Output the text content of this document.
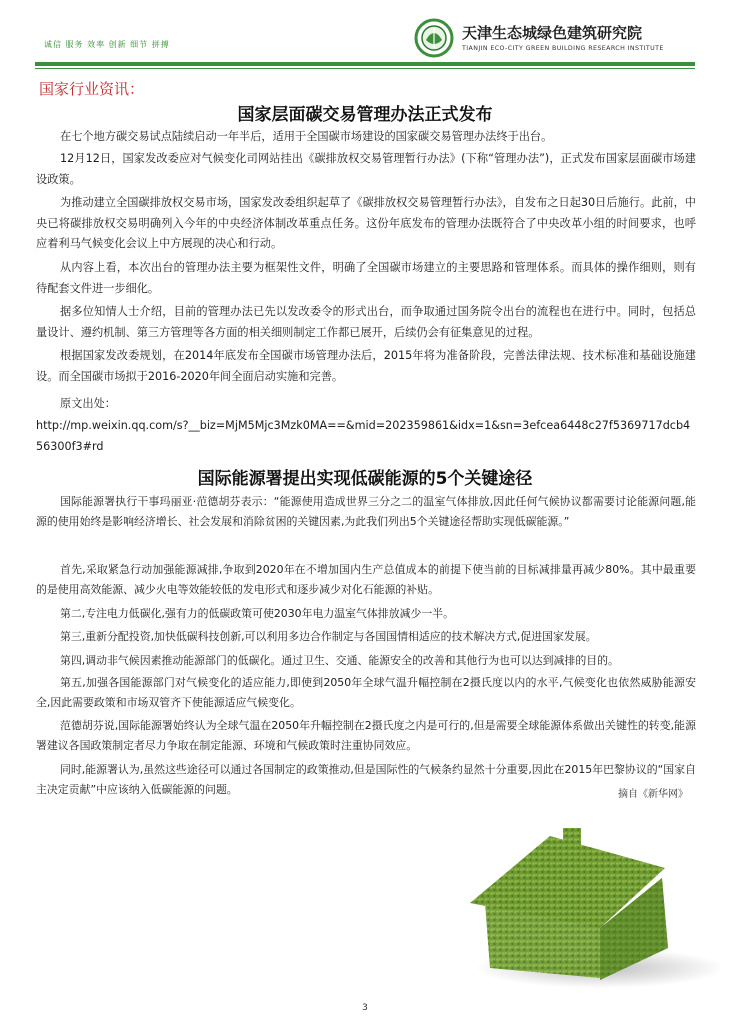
诚信 服务 效率 创新 细节 拼搏
天津生态城绿色建筑研究院
TIANJIN ECO-CITY GREEN BUILDING RESEARCH INSTITUTE
国家行业资讯：
国家层面碳交易管理办法正式发布

在七个地方碳交易试点陆续启动一年半后，适用于全国碳市场建设的国家碳交易管理办法终于出台。

12月12日，国家发改委应对气候变化司网站挂出《碳排放权交易管理暂行办法》(下称“管理办法”)，正式发布国家层面碳市场建设政策。

为推动建立全国碳排放权交易市场，国家发改委组织起草了《碳排放权交易管理暂行办法》，自发布之日起30日后施行。此前，中央已将碳排放权交易明确列入今年的中央经济体制改革重点任务。这份年底发布的管理办法既符合了中央改革小组的时间要求，也呼应着利马气候变化会议上中方展现的决心和行动。

从内容上看，本次出台的管理办法主要为框架性文件，明确了全国碳市场建立的主要思路和管理体系。而具体的操作细则，则有待配套文件进一步细化。

据多位知情人士介绍，目前的管理办法已先以发改委令的形式出台，而争取通过国务院令出台的流程也在进行中。同时，包括总量设计、遵约机制、第三方管理等各方面的相关细则制定工作都已展开，后续仍会有征集意见的过程。

根据国家发改委规划，在2014年底发布全国碳市场管理办法后，2015年将为准备阶段，完善法律法规、技术标准和基础设施建设。而全国碳市场拟于2016-2020年间全面启动实施和完善。

原文出处：

http://mp.weixin.qq.com/s?__biz=MjM5Mjc3Mzk0MA==&mid=202359861&idx=1&sn=3efcea6448c27f5369717dcb456300f3#rd

国际能源署提出实现低碳能源的5个关键途径

国际能源署执行干事玛丽亚·范德胡芬表示：“能源使用造成世界三分之二的温室气体排放,因此任何气候协议都需要讨论能源问题,能源的使用始终是影响经济增长、社会发展和消除贫困的关键因素,为此我们列出5个关键途径帮助实现低碳能源。”

首先,采取紧急行动加强能源减排,争取到2020年在不增加国内生产总值成本的前提下使当前的目标减排量再减少80%。其中最重要的是使用高效能源、减少火电等效能较低的发电形式和逐步减少对化石能源的补贴。

第二,专注电力低碳化,强有力的低碳政策可使2030年电力温室气体排放减少一半。

第三,重新分配投资,加快低碳科技创新,可以利用多边合作制定与各国国情相适应的技术解决方式,促进国家发展。

第四,调动非气候因素推动能源部门的低碳化。通过卫生、交通、能源安全的改善和其他行为也可以达到减排的目的。

第五,加强各国能源部门对气候变化的适应能力,即使到2050年全球气温升幅控制在2摄氏度以内的水平,气候变化也依然威胁能源安全,因此需要政策和市场双管齐下使能源适应气候变化。

范德胡芬说,国际能源署始终认为全球气温在2050年升幅控制在2摄氏度之内是可行的,但是需要全球能源体系做出关键性的转变,能源署建议各国政策制定者尽力争取在制定能源、环境和气候政策时注重协同效应。

同时,能源署认为,虽然这些途径可以通过各国制定的政策推动,但是国际性的气候条约显然十分重要,因此在2015年巴黎协议的“国家自主决定贡献”中应该纳入低碳能源的问题。	摘自《新华网》
3
